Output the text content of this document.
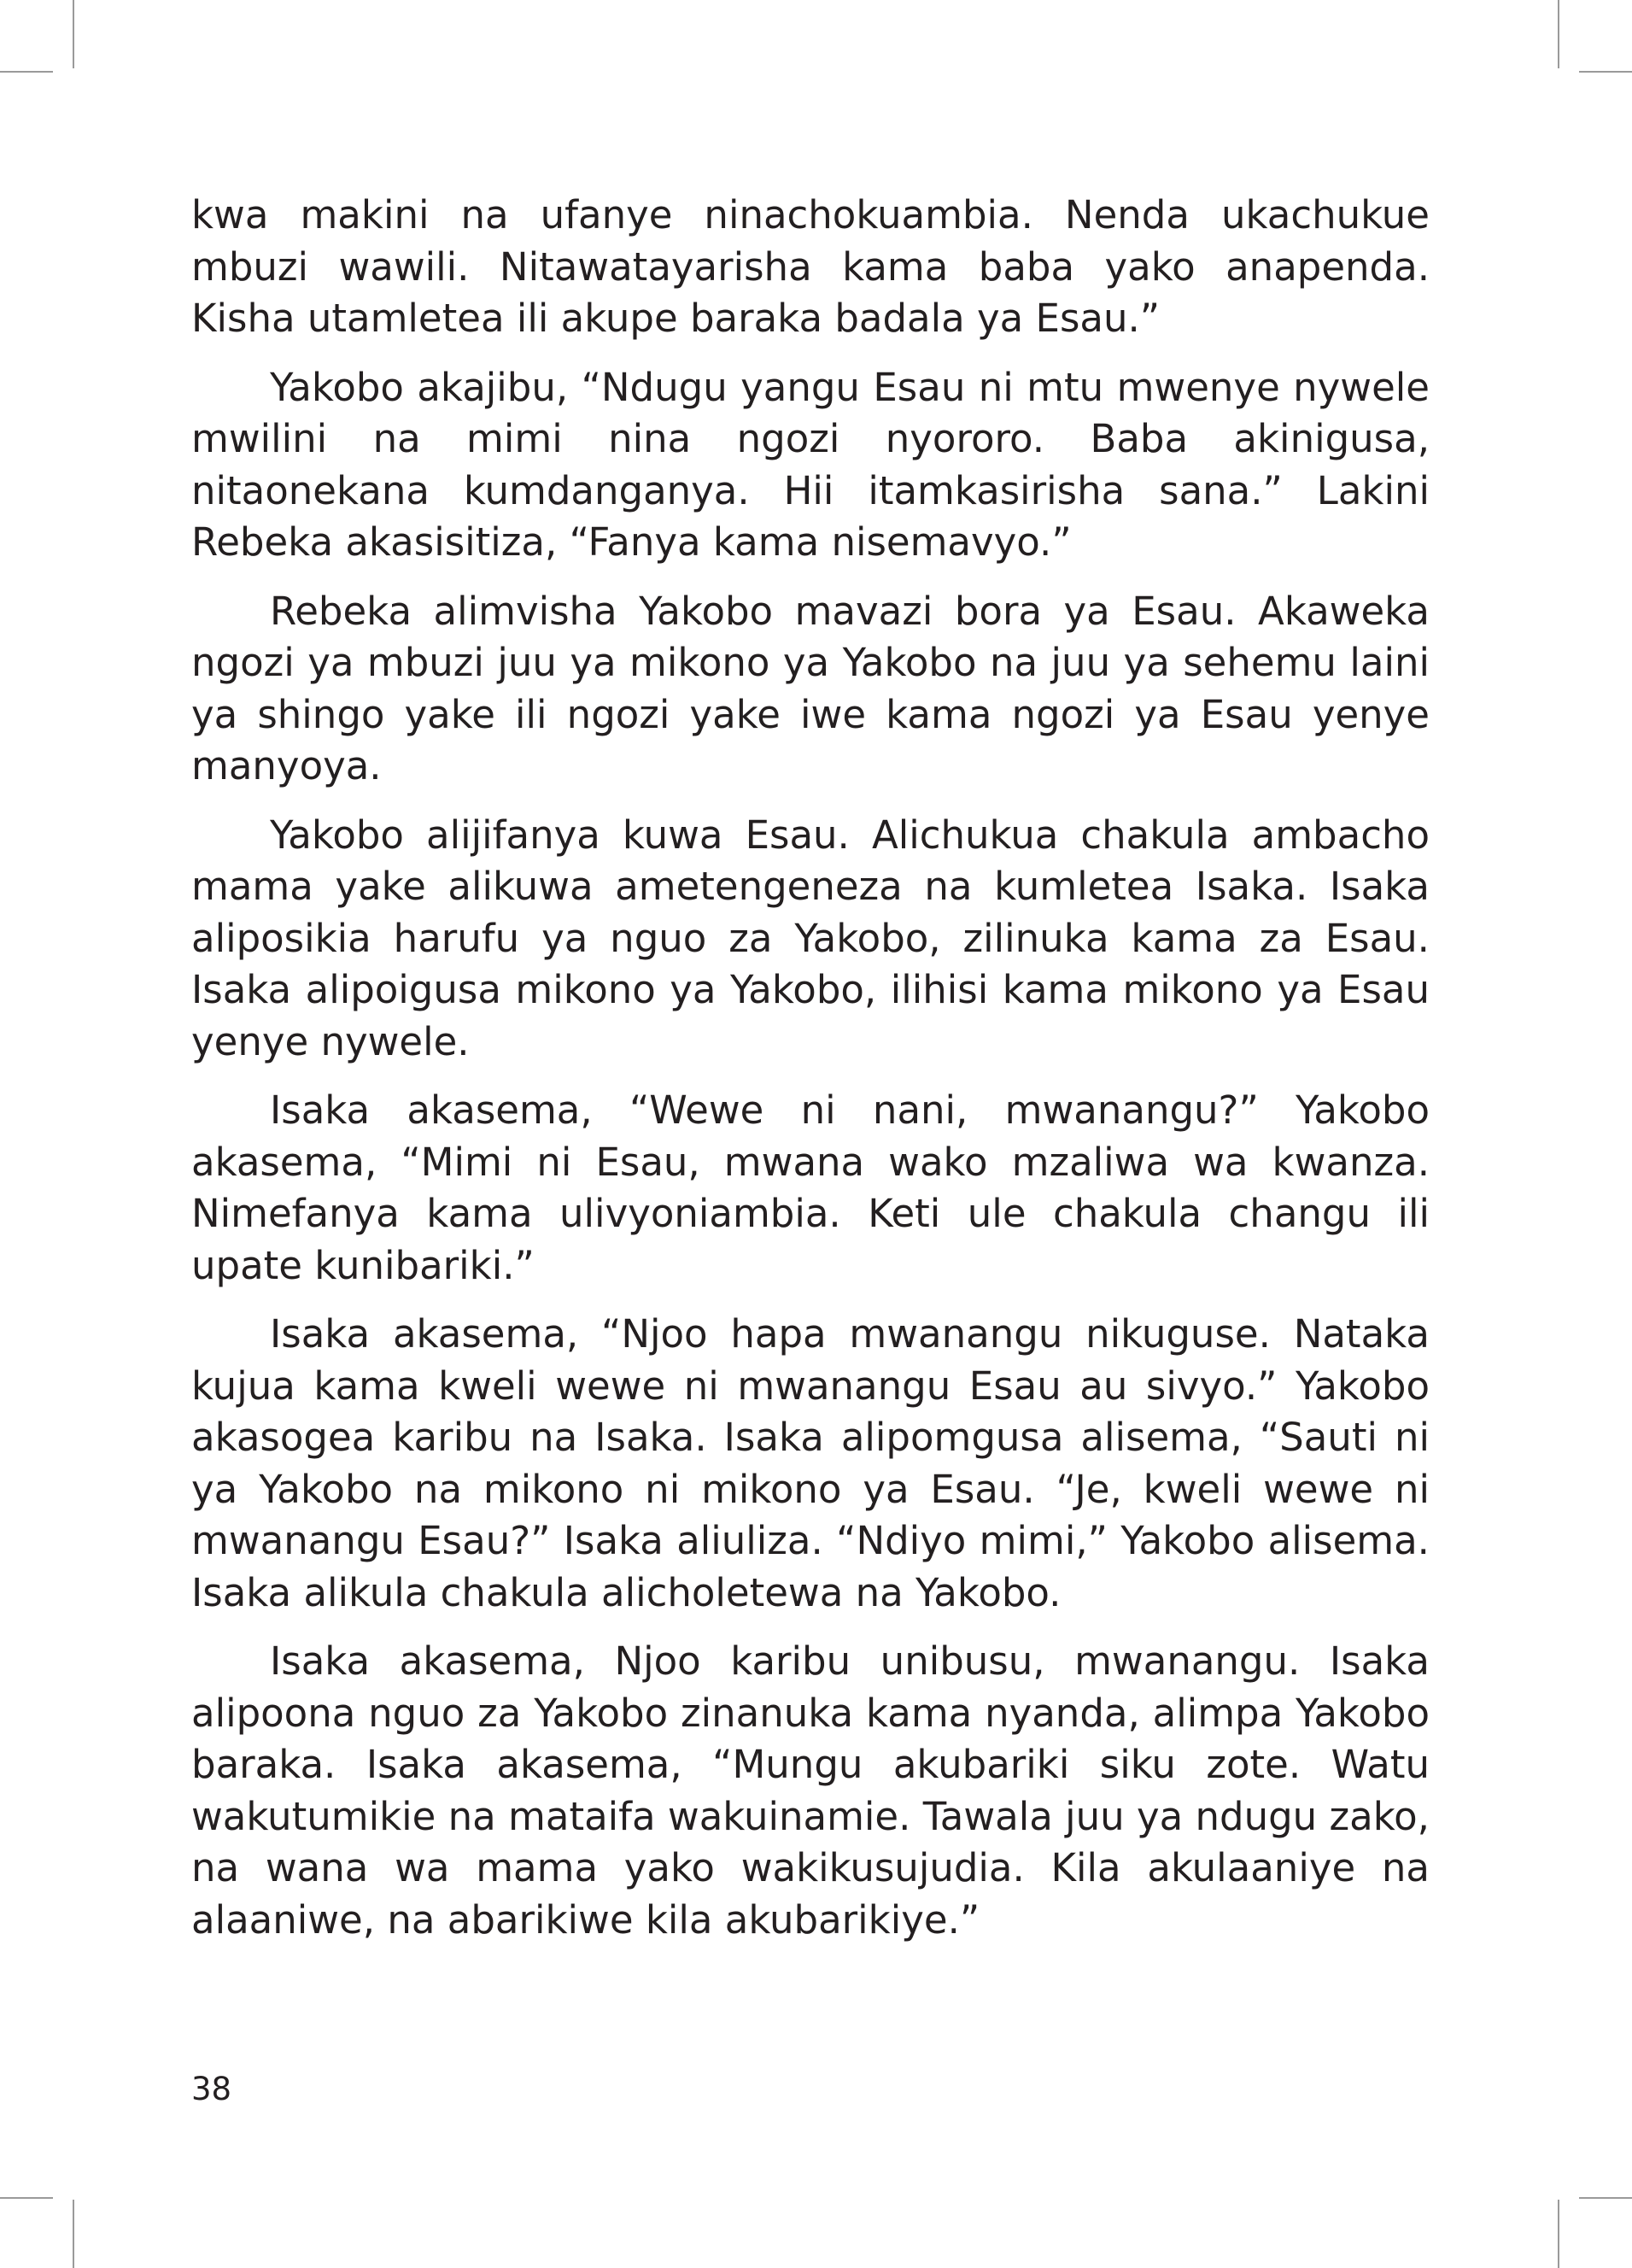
kwa makini na ufanye ninachokuambia. Nenda ukachukue mbuzi wawili. Nitawatayarisha kama baba yako anapenda. Kisha utamletea ili akupe baraka badala ya Esau.”

Yakobo akajibu, “Ndugu yangu Esau ni mtu mwenye nywele mwilini na mimi nina ngozi nyororo. Baba akinigusa, nitaonekana kumdanganya. Hii itamkasirisha sana.” Lakini Rebeka akasisitiza, “Fanya kama nisemavyo.”

Rebeka alimvisha Yakobo mavazi bora ya Esau. Akaweka ngozi ya mbuzi juu ya mikono ya Yakobo na juu ya sehemu laini ya shingo yake ili ngozi yake iwe kama ngozi ya Esau yenye manyoya.

Yakobo alijifanya kuwa Esau. Alichukua chakula ambacho mama yake alikuwa ametengeneza na kumletea Isaka. Isaka aliposikia harufu ya nguo za Yakobo, zilinuka kama za Esau. Isaka alipoigusa mikono ya Yakobo, ilihisi kama mikono ya Esau yenye nywele.

Isaka akasema, “Wewe ni nani, mwanangu?” Yakobo akasema, “Mimi ni Esau, mwana wako mzaliwa wa kwanza. Nimefanya kama ulivyoniambia. Keti ule chakula changu ili upate kunibariki.”

Isaka akasema, “Njoo hapa mwanangu nikuguse. Nataka kujua kama kweli wewe ni mwanangu Esau au sivyo.” Yakobo akasogea karibu na Isaka. Isaka alipomgusa alisema, “Sauti ni ya Yakobo na mikono ni mikono ya Esau. “Je, kweli wewe ni mwanangu Esau?” Isaka aliuliza. “Ndiyo mimi,” Yakobo alisema. Isaka alikula chakula alicholetewa na Yakobo.

Isaka akasema, Njoo karibu unibusu, mwanangu. Isaka alipoona nguo za Yakobo zinanuka kama nyanda, alimpa Yakobo baraka. Isaka akasema, “Mungu akubariki siku zote. Watu wakutumikie na mataifa wakuinamie. Tawala juu ya ndugu zako, na wana wa mama yako wakikusujudia. Kila akulaaniye na alaaniwe, na abarikiwe kila akubarikiye.”

38
